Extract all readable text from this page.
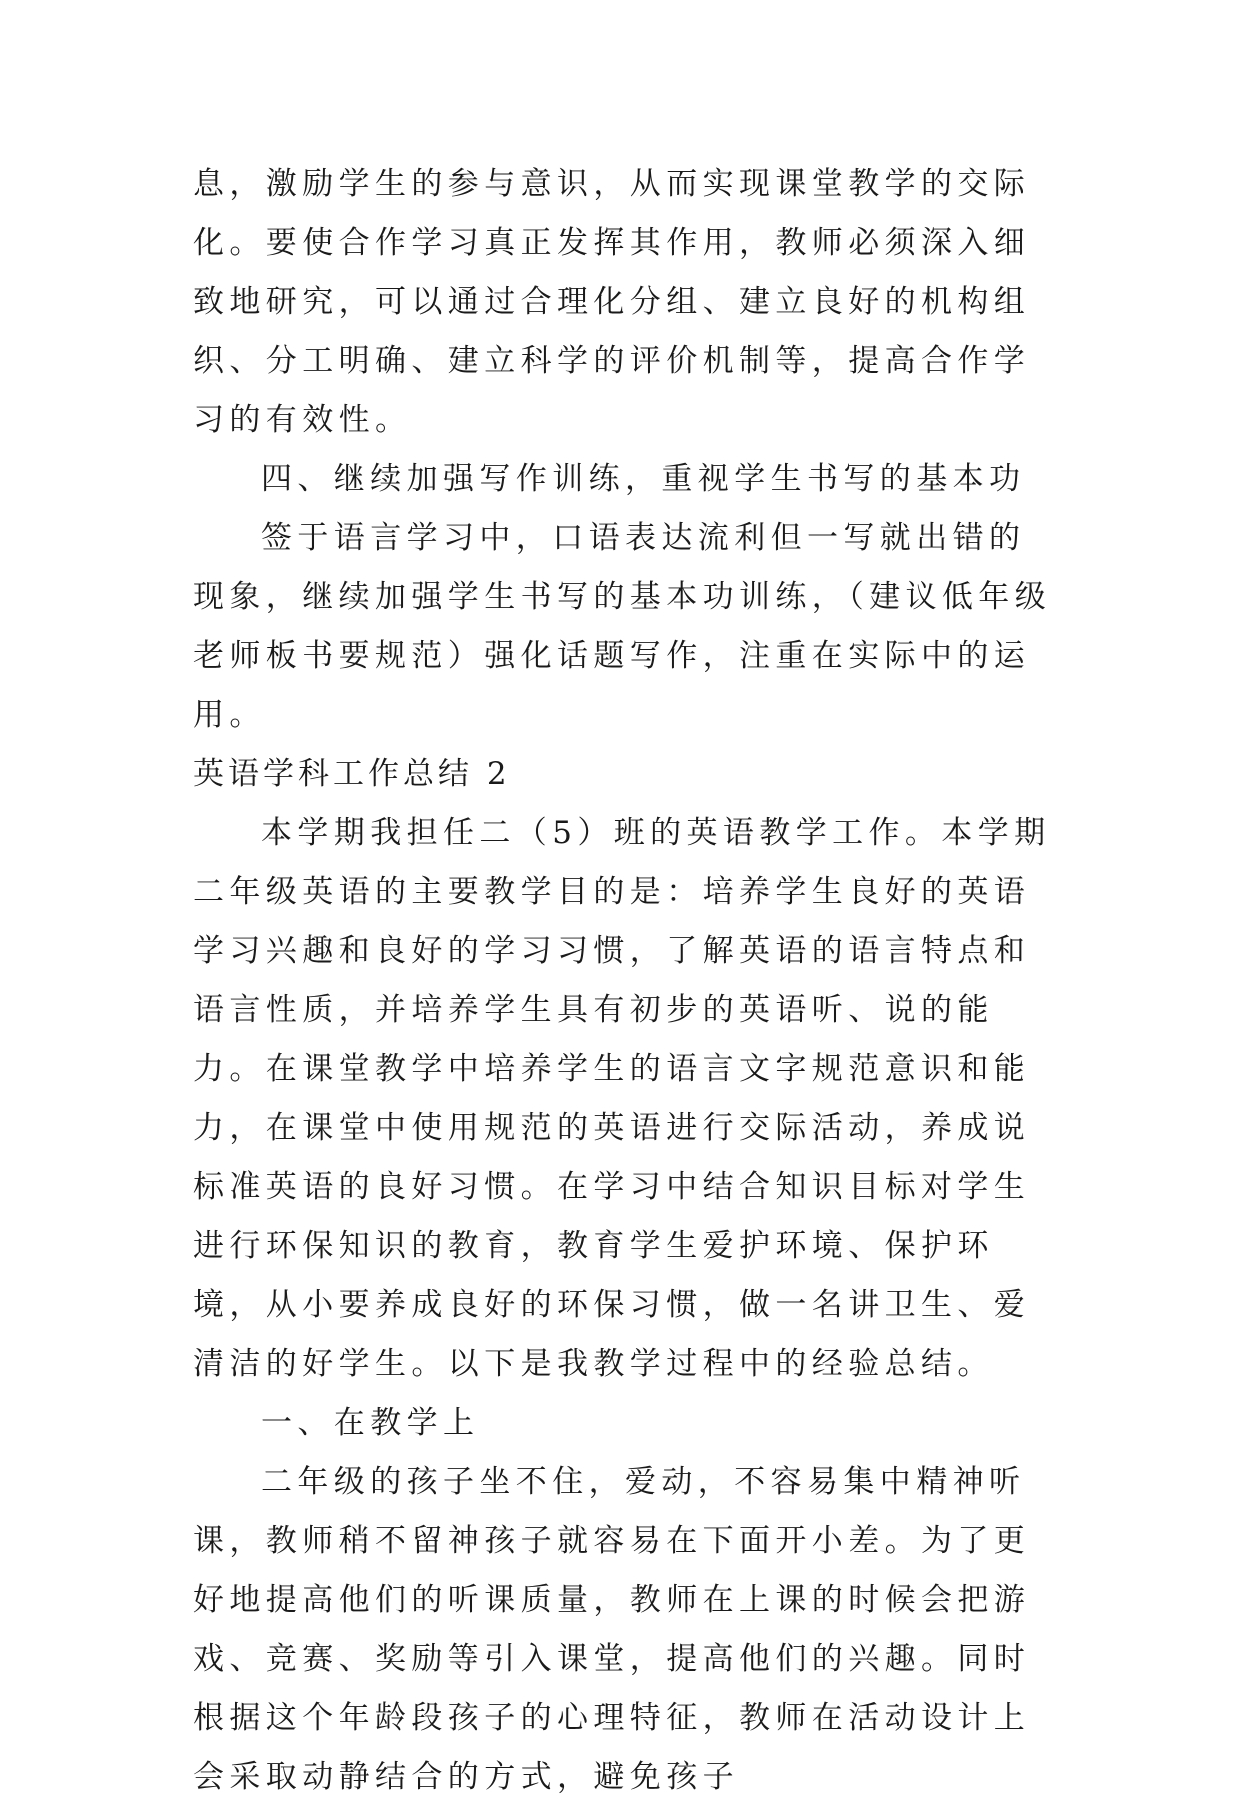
息，激励学生的参与意识，从而实现课堂教学的交际化。要使合作学习真正发挥其作用，教师必须深入细致地研究，可以通过合理化分组、建立良好的机构组织、分工明确、建立科学的评价机制等，提高合作学习的有效性。

四、继续加强写作训练，重视学生书写的基本功

签于语言学习中，口语表达流利但一写就出错的现象，继续加强学生书写的基本功训练，（建议低年级老师板书要规范）强化话题写作，注重在实际中的运用。

英语学科工作总结 2

本学期我担任二（5）班的英语教学工作。本学期二年级英语的主要教学目的是：培养学生良好的英语学习兴趣和良好的学习习惯，了解英语的语言特点和语言性质，并培养学生具有初步的英语听、说的能力。在课堂教学中培养学生的语言文字规范意识和能力，在课堂中使用规范的英语进行交际活动，养成说标准英语的良好习惯。在学习中结合知识目标对学生进行环保知识的教育，教育学生爱护环境、保护环境，从小要养成良好的环保习惯，做一名讲卫生、爱清洁的好学生。以下是我教学过程中的经验总结。

一、在教学上

二年级的孩子坐不住，爱动，不容易集中精神听课，教师稍不留神孩子就容易在下面开小差。为了更好地提高他们的听课质量，教师在上课的时候会把游戏、竞赛、奖励等引入课堂，提高他们的兴趣。同时根据这个年龄段孩子的心理特征，教师在活动设计上会采取动静结合的方式，避免孩子
